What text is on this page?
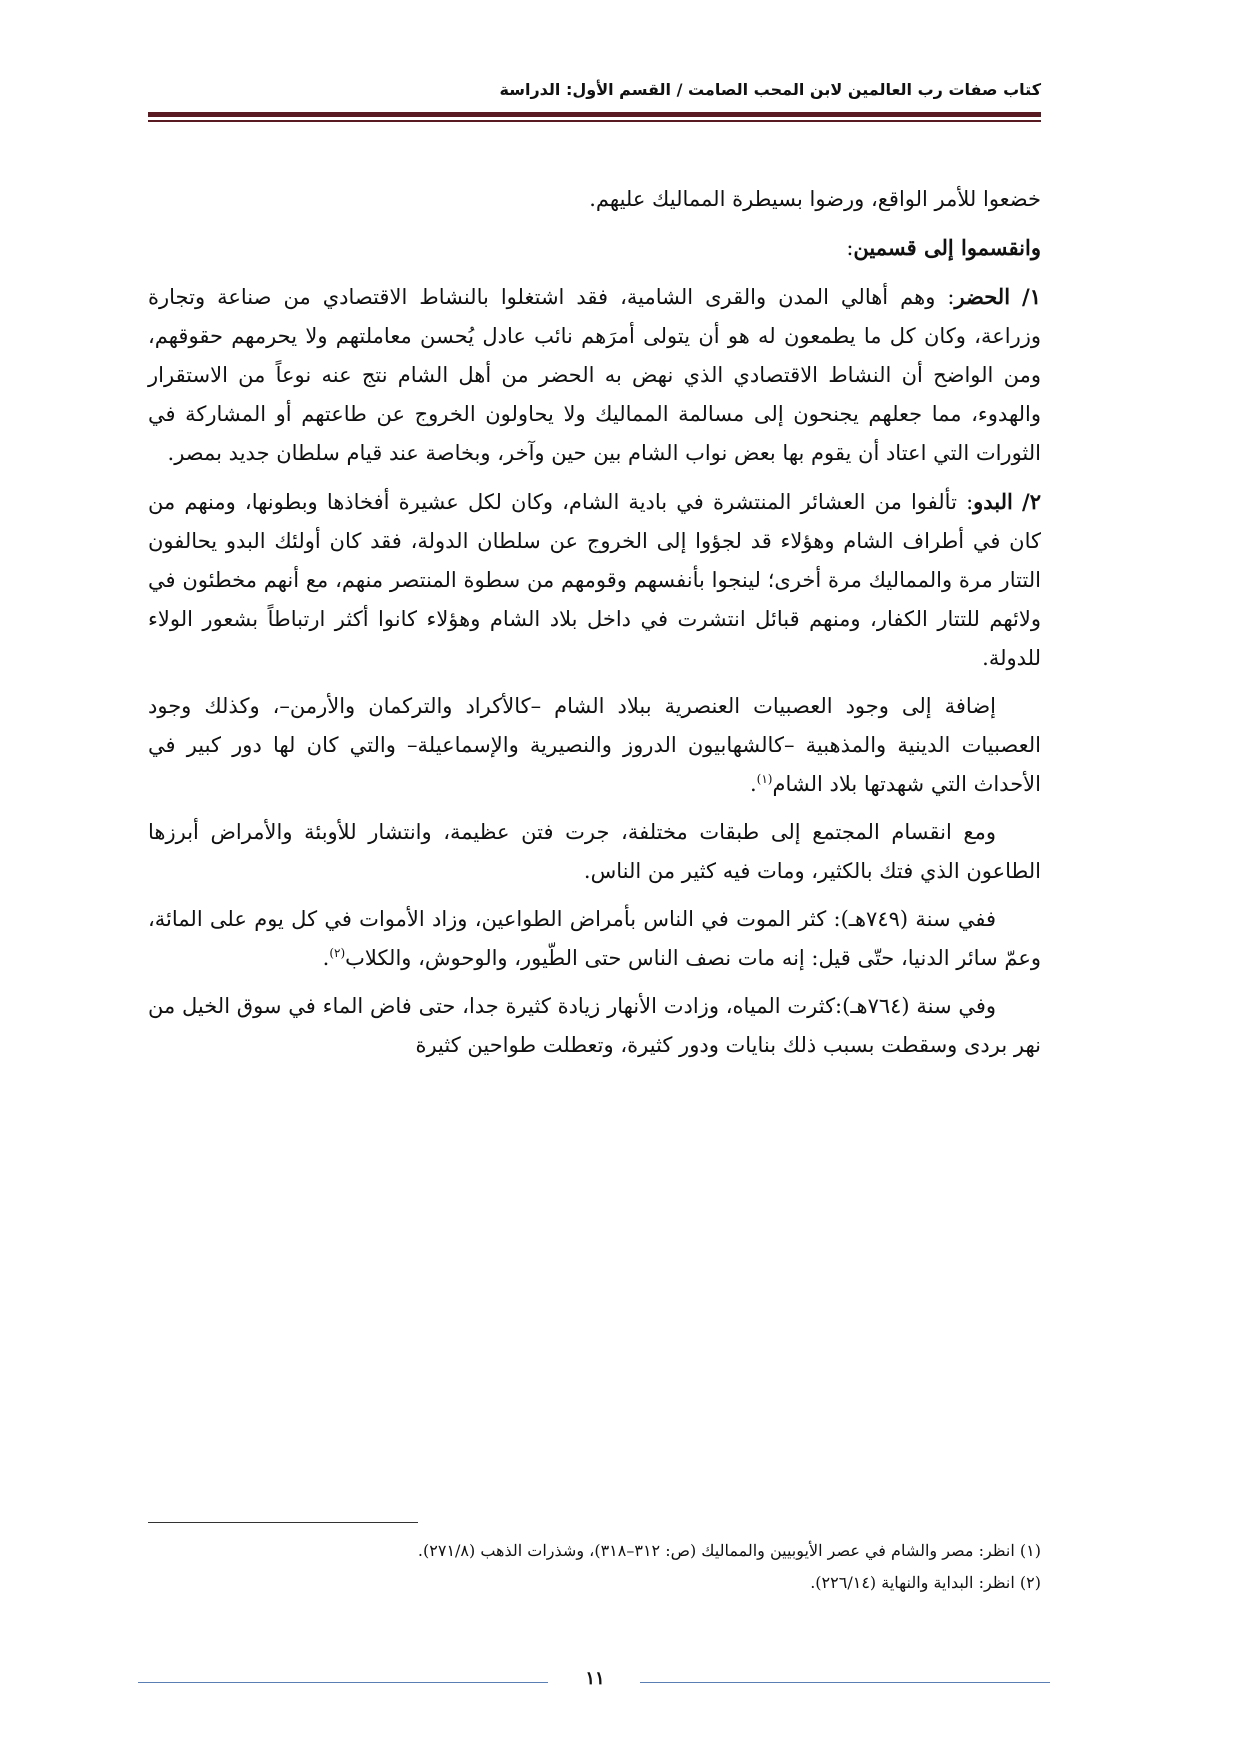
كتاب صفات رب العالمين لابن المحب الصامت / القسم الأول: الدراسة

خضعوا للأمر الواقع، ورضوا بسيطرة المماليك عليهم.

وانقسموا إلى قسمين:

١/ الحضر: وهم أهالي المدن والقرى الشامية، فقد اشتغلوا بالنشاط الاقتصادي من صناعة وتجارة وزراعة، وكان كل ما يطمعون له هو أن يتولى أمرَهم نائب عادل يُحسن معاملتهم ولا يحرمهم حقوقهم، ومن الواضح أن النشاط الاقتصادي الذي نهض به الحضر من أهل الشام نتج عنه نوعاً من الاستقرار والهدوء، مما جعلهم يجنحون إلى مسالمة المماليك ولا يحاولون الخروج عن طاعتهم أو المشاركة في الثورات التي اعتاد أن يقوم بها بعض نواب الشام بين حين وآخر، وبخاصة عند قيام سلطان جديد بمصر.

٢/ البدو: تألفوا من العشائر المنتشرة في بادية الشام، وكان لكل عشيرة أفخاذها وبطونها، ومنهم من كان في أطراف الشام وهؤلاء قد لجؤوا إلى الخروج عن سلطان الدولة، فقد كان أولئك البدو يحالفون التتار مرة والمماليك مرة أخرى؛ لينجوا بأنفسهم وقومهم من سطوة المنتصر منهم، مع أنهم مخطئون في ولائهم للتتار الكفار، ومنهم قبائل انتشرت في داخل بلاد الشام وهؤلاء كانوا أكثر ارتباطاً بشعور الولاء للدولة.

إضافة إلى وجود العصبيات العنصرية ببلاد الشام –كالأكراد والتركمان والأرمن–، وكذلك وجود العصبيات الدينية والمذهبية –كالشهابيون الدروز والنصيرية والإسماعيلة– والتي كان لها دور كبير في الأحداث التي شهدتها بلاد الشام$^{(١)}$.

ومع انقسام المجتمع إلى طبقات مختلفة، جرت فتن عظيمة، وانتشار للأوبئة والأمراض أبرزها الطاعون الذي فتك بالكثير، ومات فيه كثير من الناس.

ففي سنة (٧٤٩هـ): كثر الموت في الناس بأمراض الطواعين، وزاد الأموات في كل يوم على المائة، وعمّ سائر الدنيا، حتّى قيل: إنه مات نصف الناس حتى الطّيور، والوحوش، والكلاب$^{(٢)}$.

وفي سنة (٧٦٤هـ):كثرت المياه، وزادت الأنهار زيادة كثيرة جدا، حتى فاض الماء في سوق الخيل من نهر بردى وسقطت بسبب ذلك بنايات ودور كثيرة، وتعطلت طواحين كثيرة

(١) انظر: مصر والشام في عصر الأيوبيين والمماليك (ص: ٣١٢–٣١٨)، وشذرات الذهب (٢٧١/٨).
(٢) انظر: البداية والنهاية (٢٢٦/١٤).
١١
